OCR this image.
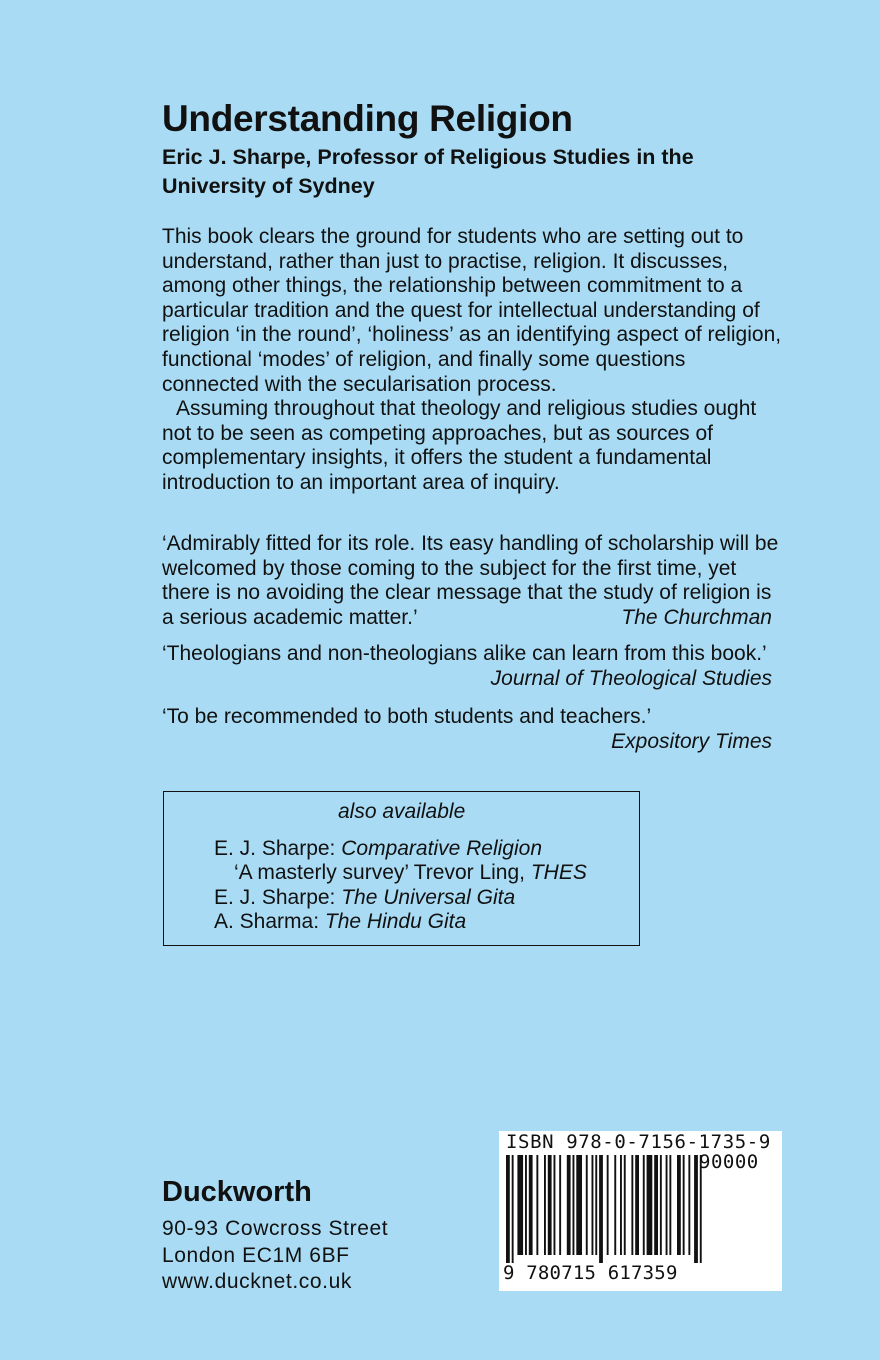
Understanding Religion
Eric J. Sharpe, Professor of Religious Studies in the University of Sydney

This book clears the ground for students who are setting out to understand, rather than just to practise, religion. It discusses, among other things, the relationship between commitment to a particular tradition and the quest for intellectual understanding of religion ‘in the round’, ‘holiness’ as an identifying aspect of religion, functional ‘modes’ of religion, and finally some questions connected with the secularisation process.

Assuming throughout that theology and religious studies ought not to be seen as competing approaches, but as sources of complementary insights, it offers the student a fundamental introduction to an important area of inquiry.

‘Admirably fitted for its role. Its easy handling of scholarship will be welcomed by those coming to the subject for the first time, yet there is no avoiding the clear message that the study of religion is a serious academic matter.’	The Churchman
‘Theologians and non-theologians alike can learn from this book.’
Journal of Theological Studies
‘To be recommended to both students and teachers.’
Expository Times

also available

E. J. Sharpe: Comparative Religion
‘A masterly survey’ Trevor Ling, THES
E. J. Sharpe: The Universal Gita
A. Sharma: The Hindu Gita

Duckworth

90-93 Cowcross Street
London EC1M 6BF
www.ducknet.co.uk

ISBN 978-0-7156-1735-9

90000

9 780715 617359
